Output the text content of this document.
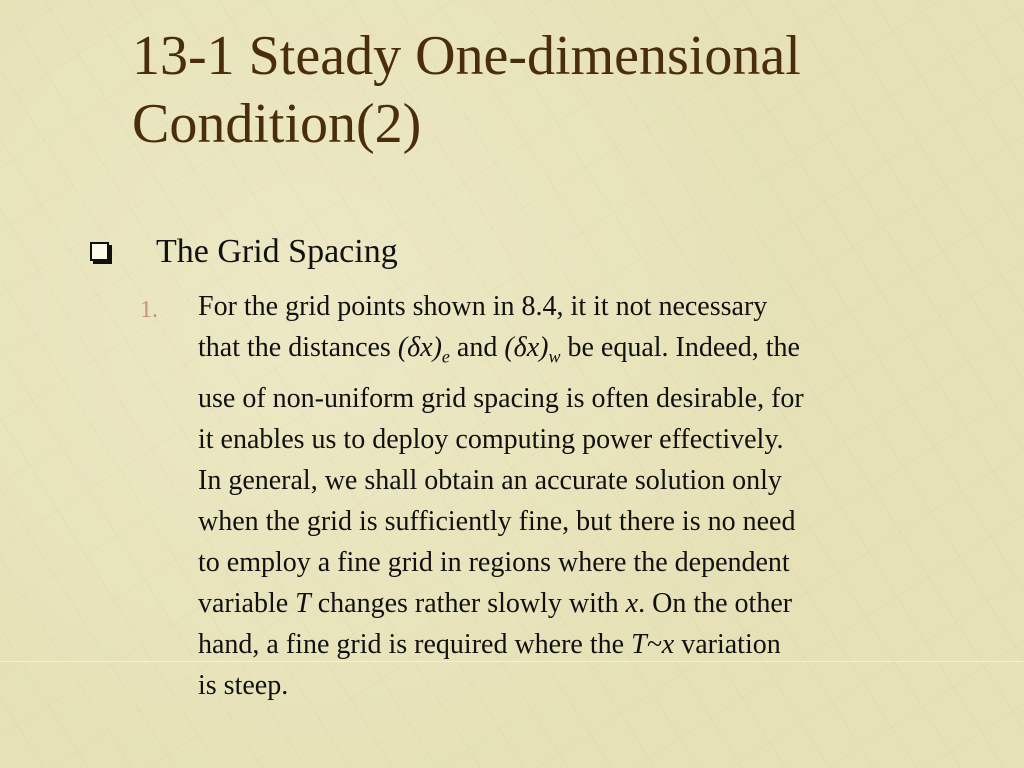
13-1 Steady One-dimensional
Condition(2)
The Grid Spacing
1. For the grid points shown in 8.4, it it not necessary
that the distances $(\delta x)_e$ and $(\delta x)_w$ be equal. Indeed, the
use of non-uniform grid spacing is often desirable, for
it enables us to deploy computing power effectively.
In general, we shall obtain an accurate solution only
when the grid is sufficiently fine, but there is no need
to employ a fine grid in regions where the dependent
variable T changes rather slowly with x. On the other
hand, a fine grid is required where the T~x variation
is steep.
